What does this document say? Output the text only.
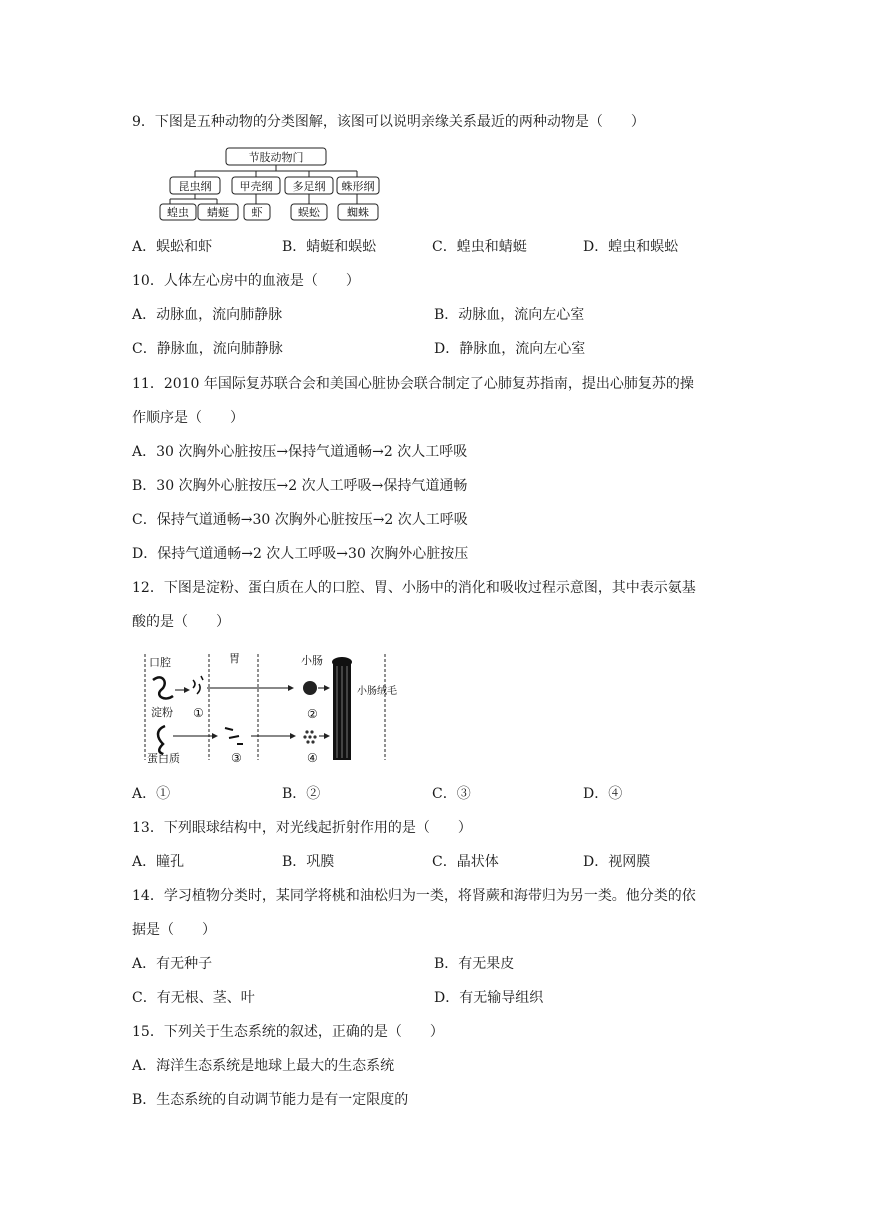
9．下图是五种动物的分类图解，该图可以说明亲缘关系最近的两种动物是（　　）
节肢动物门
昆虫纲	甲壳纲 多足纲 蛛形纲
蝗虫 蜻蜓 虾	蜈蚣 蜘蛛
A．蜈蚣和虾	B．蜻蜓和蜈蚣	C．蝗虫和蜻蜓	D．蝗虫和蜈蚣
10．人体左心房中的血液是（　　）
A．动脉血，流向肺静脉	B．动脉血，流向左心室
C．静脉血，流向肺静脉	D．静脉血，流向左心室
11．2010 年国际复苏联合会和美国心脏协会联合制定了心肺复苏指南，提出心肺复苏的操
作顺序是（　　）
A．30 次胸外心脏按压→保持气道通畅→2 次人工呼吸
B．30 次胸外心脏按压→2 次人工呼吸→保持气道通畅
C．保持气道通畅→30 次胸外心脏按压→2 次人工呼吸
D．保持气道通畅→2 次人工呼吸→30 次胸外心脏按压
12．下图是淀粉、蛋白质在人的口腔、胃、小肠中的消化和吸收过程示意图，其中表示氨基
酸的是（　　）
口腔	胃	小肠
淀粉
蛋白质
小肠绒毛
①	②
③	④
A．①	B．②	C．③	D．④
13．下列眼球结构中，对光线起折射作用的是（　　）
A．瞳孔	B．巩膜	C．晶状体	D．视网膜
14．学习植物分类时，某同学将桃和油松归为一类，将肾蕨和海带归为另一类。他分类的依
据是（　　）
A．有无种子	B．有无果皮
C．有无根、茎、叶	D．有无输导组织
15．下列关于生态系统的叙述，正确的是（　　）
A．海洋生态系统是地球上最大的生态系统
B．生态系统的自动调节能力是有一定限度的
